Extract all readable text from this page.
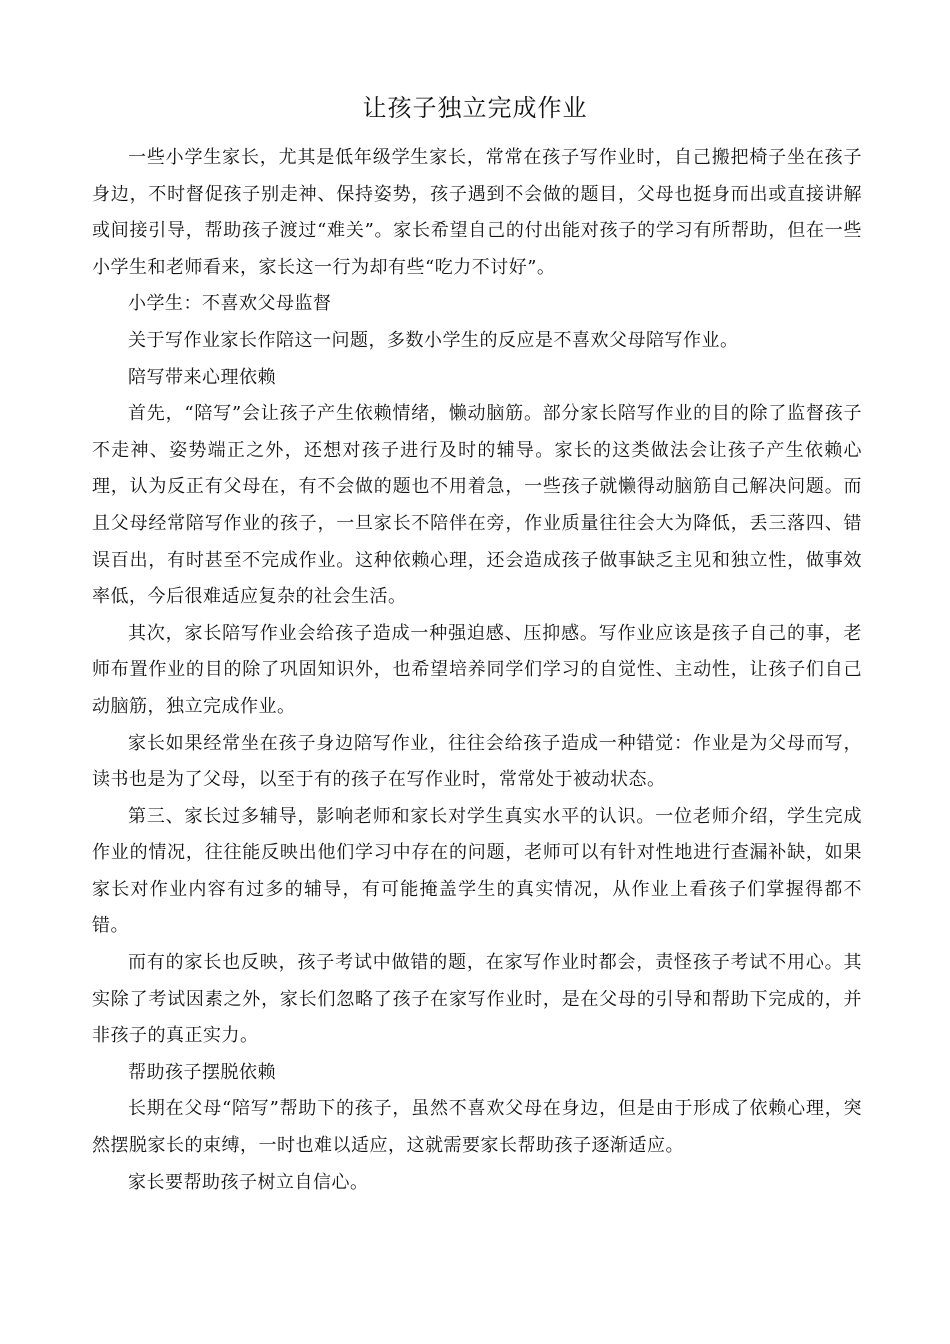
让孩子独立完成作业

一些小学生家长，尤其是低年级学生家长，常常在孩子写作业时，自己搬把椅子坐在孩子身边，不时督促孩子别走神、保持姿势，孩子遇到不会做的题目，父母也挺身而出或直接讲解或间接引导，帮助孩子渡过“难关”。家长希望自己的付出能对孩子的学习有所帮助，但在一些小学生和老师看来，家长这一行为却有些“吃力不讨好”。

小学生：不喜欢父母监督

关于写作业家长作陪这一问题，多数小学生的反应是不喜欢父母陪写作业。

陪写带来心理依赖

首先，“陪写”会让孩子产生依赖情绪，懒动脑筋。部分家长陪写作业的目的除了监督孩子不走神、姿势端正之外，还想对孩子进行及时的辅导。家长的这类做法会让孩子产生依赖心理，认为反正有父母在，有不会做的题也不用着急，一些孩子就懒得动脑筋自己解决问题。而且父母经常陪写作业的孩子，一旦家长不陪伴在旁，作业质量往往会大为降低，丢三落四、错误百出，有时甚至不完成作业。这种依赖心理，还会造成孩子做事缺乏主见和独立性，做事效率低，今后很难适应复杂的社会生活。

其次，家长陪写作业会给孩子造成一种强迫感、压抑感。写作业应该是孩子自己的事，老师布置作业的目的除了巩固知识外，也希望培养同学们学习的自觉性、主动性，让孩子们自己动脑筋，独立完成作业。

家长如果经常坐在孩子身边陪写作业，往往会给孩子造成一种错觉：作业是为父母而写，读书也是为了父母，以至于有的孩子在写作业时，常常处于被动状态。

第三、家长过多辅导，影响老师和家长对学生真实水平的认识。一位老师介绍，学生完成作业的情况，往往能反映出他们学习中存在的问题，老师可以有针对性地进行查漏补缺，如果家长对作业内容有过多的辅导，有可能掩盖学生的真实情况，从作业上看孩子们掌握得都不错。

而有的家长也反映，孩子考试中做错的题，在家写作业时都会，责怪孩子考试不用心。其实除了考试因素之外，家长们忽略了孩子在家写作业时，是在父母的引导和帮助下完成的，并非孩子的真正实力。

帮助孩子摆脱依赖

长期在父母“陪写”帮助下的孩子，虽然不喜欢父母在身边，但是由于形成了依赖心理，突然摆脱家长的束缚，一时也难以适应，这就需要家长帮助孩子逐渐适应。

家长要帮助孩子树立自信心。
